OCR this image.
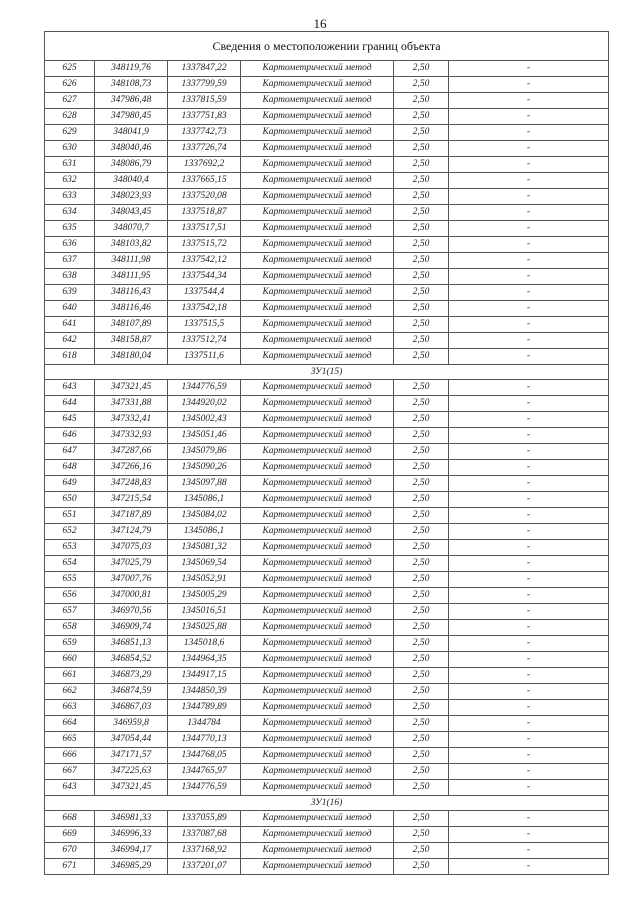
16
Сведения о местоположении границ объекта					
625	348119,76	1337847,22	Картометрический метод	2,50	-
626	348108,73	1337799,59	Картометрический метод	2,50	-
627	347986,48	1337815,59	Картометрический метод	2,50	-
628	347980,45	1337751,83	Картометрический метод	2,50	-
629	348041,9	1337742,73	Картометрический метод	2,50	-
630	348040,46	1337726,74	Картометрический метод	2,50	-
631	348086,79	1337692,2	Картометрический метод	2,50	-
632	348040,4	1337665,15	Картометрический метод	2,50	-
633	348023,93	1337520,08	Картометрический метод	2,50	-
634	348043,45	1337518,87	Картометрический метод	2,50	-
635	348070,7	1337517,51	Картометрический метод	2,50	-
636	348103,82	1337515,72	Картометрический метод	2,50	-
637	348111,98	1337542,12	Картометрический метод	2,50	-
638	348111,95	1337544,34	Картометрический метод	2,50	-
639	348116,43	1337544,4	Картометрический метод	2,50	-
640	348116,46	1337542,18	Картометрический метод	2,50	-
641	348107,89	1337515,5	Картометрический метод	2,50	-
642	348158,87	1337512,74	Картометрический метод	2,50	-
618	348180,04	1337511,6	Картометрический метод	2,50	-
ЗУ1(15)					
643	347321,45	1344776,59	Картометрический метод	2,50	-
644	347331,88	1344920,02	Картометрический метод	2,50	-
645	347332,41	1345002,43	Картометрический метод	2,50	-
646	347332,93	1345051,46	Картометрический метод	2,50	-
647	347287,66	1345079,86	Картометрический метод	2,50	-
648	347266,16	1345090,26	Картометрический метод	2,50	-
649	347248,83	1345097,88	Картометрический метод	2,50	-
650	347215,54	1345086,1	Картометрический метод	2,50	-
651	347187,89	1345084,02	Картометрический метод	2,50	-
652	347124,79	1345086,1	Картометрический метод	2,50	-
653	347075,03	1345081,32	Картометрический метод	2,50	-
654	347025,79	1345069,54	Картометрический метод	2,50	-
655	347007,76	1345052,91	Картометрический метод	2,50	-
656	347000,81	1345005,29	Картометрический метод	2,50	-
657	346970,56	1345016,51	Картометрический метод	2,50	-
658	346909,74	1345025,88	Картометрический метод	2,50	-
659	346851,13	1345018,6	Картометрический метод	2,50	-
660	346854,52	1344964,35	Картометрический метод	2,50	-
661	346873,29	1344917,15	Картометрический метод	2,50	-
662	346874,59	1344850,39	Картометрический метод	2,50	-
663	346867,03	1344789,89	Картометрический метод	2,50	-
664	346959,8	1344784	Картометрический метод	2,50	-
665	347054,44	1344770,13	Картометрический метод	2,50	-
666	347171,57	1344768,05	Картометрический метод	2,50	-
667	347225,63	1344765,97	Картометрический метод	2,50	-
643	347321,45	1344776,59	Картометрический метод	2,50	-
ЗУ1(16)					
668	346981,33	1337055,89	Картометрический метод	2,50	-
669	346996,33	1337087,68	Картометрический метод	2,50	-
670	346994,17	1337168,92	Картометрический метод	2,50	-
671	346985,29	1337201,07	Картометрический метод	2,50	-
